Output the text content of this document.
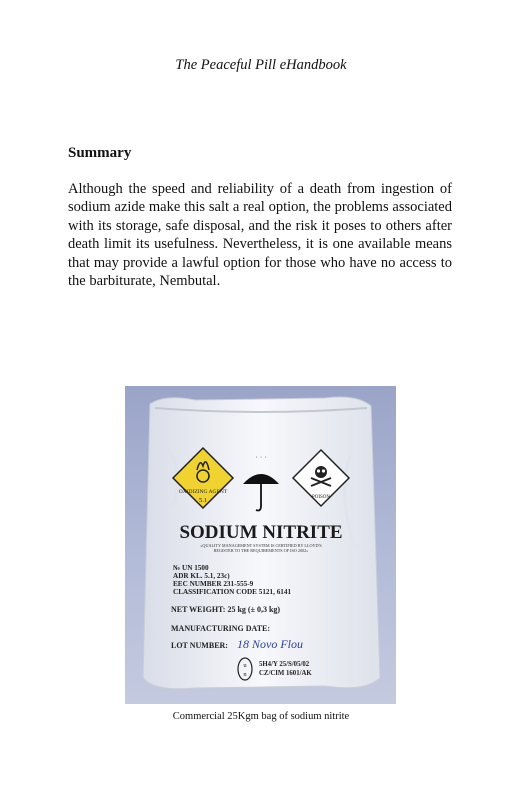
The Peaceful Pill eHandbook
Summary
Although the speed and reliability of a death from ingestion of sodium azide make this salt a real option, the problems associated with its storage, safe disposal, and the risk it poses to others after death limit its usefulness. Nevertheless, it is one available means that may provide a lawful option for those who have no access to the barbiturate, Nembutal.
OXIDIZING AGENT
5.1
˙ ˙ ˙
POISON
SODIUM NITRITE
»QUALITY MANAGEMENT SYSTEM IS CERTIFIED BY LLOYD'S
REGISTER TO THE REQUIREMENTS OF ISO 2002»
№ UN 1500
ADR KL. 5.1, 23c)
EEC NUMBER 231-555-9
CLASSIFICATION CODE 5121, 6141
NET WEIGHT: 25 kg (± 0,3 kg)
MANUFACTURING DATE:
LOT NUMBER: 18 Novo Flou
u
n
5H4/Y 25/S/05/02
CZ/CIM 1601/AK
Commercial 25Kgm bag of sodium nitrite
